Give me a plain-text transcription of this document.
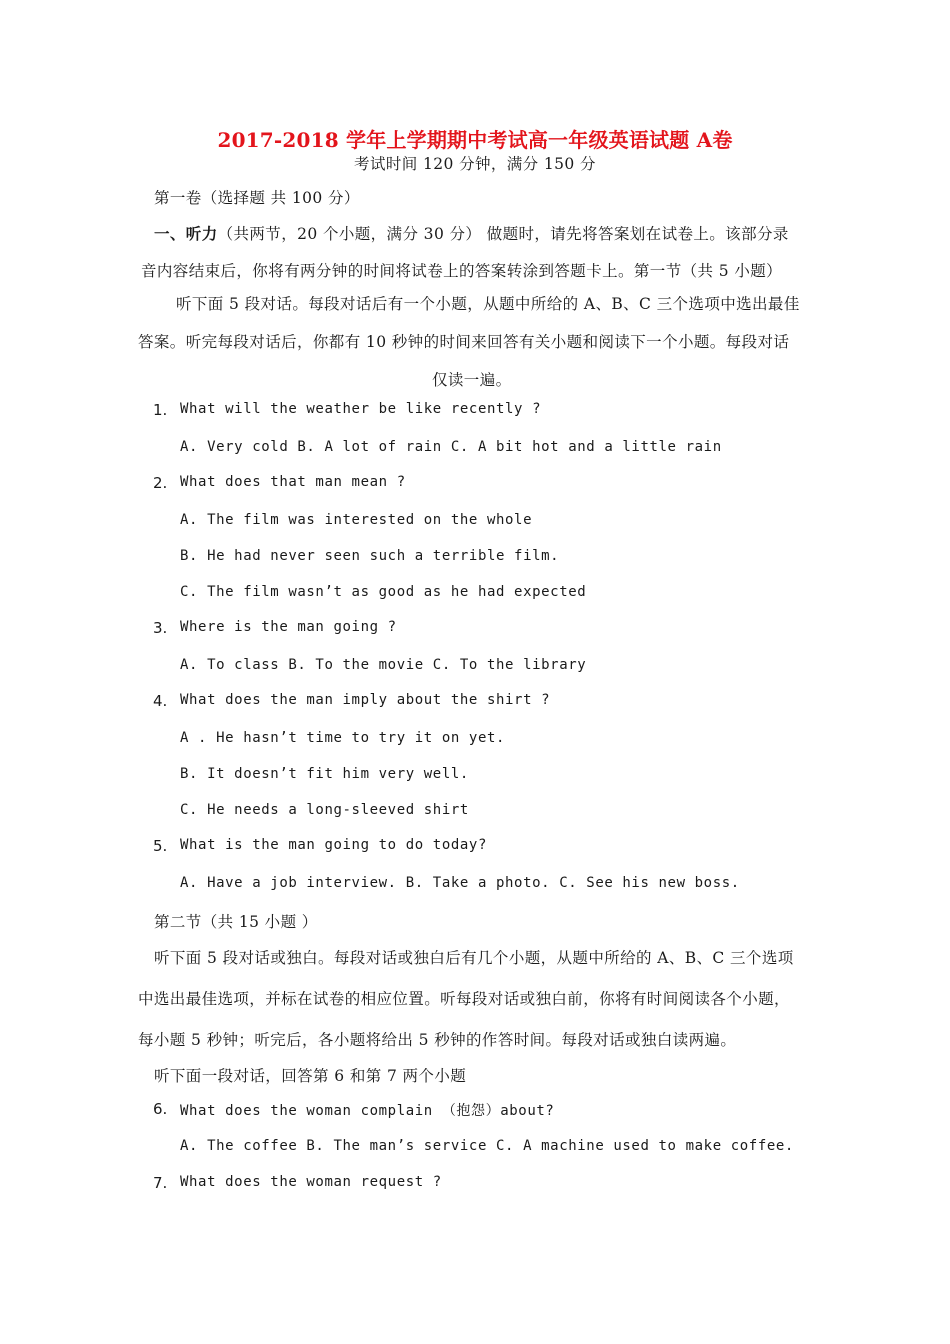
2017-2018 学年上学期期中考试高一年级英语试题 A卷
考试时间 120 分钟，满分 150 分
第一卷（选择题 共 100 分）
一、听力（共两节，20 个小题，满分 30 分） 做题时，请先将答案划在试卷上。该部分录
音内容结束后，你将有两分钟的时间将试卷上的答案转涂到答题卡上。第一节（共 5 小题）
听下面 5 段对话。每段对话后有一个小题，从题中所给的 A、B、C 三个选项中选出最佳
答案。听完每段对话后，你都有 10 秒钟的时间来回答有关小题和阅读下一个小题。每段对话
仅读一遍。
1. What will the weather be like recently ?
A. Very cold B. A lot of rain C. A bit hot and a little rain
2. What does that man mean ?
A. The film was interested on the whole
B. He had never seen such a terrible film.
C. The film wasn’t as good as he had expected
3. Where is the man going ?
A. To class B. To the movie C. To the library
4. What does the man imply about the shirt ?
A . He hasn’t time to try it on yet.
B. It doesn’t fit him very well.
C. He needs a long-sleeved shirt
5. What is the man going to do today?
A. Have a job interview. B. Take a photo. C. See his new boss.
第二节（共 15 小题 ）
听下面 5 段对话或独白。每段对话或独白后有几个小题，从题中所给的 A、B、C 三个选项
中选出最佳选项，并标在试卷的相应位置。听每段对话或独白前，你将有时间阅读各个小题，
每小题 5 秒钟；听完后，各小题将给出 5 秒钟的作答时间。每段对话或独白读两遍。
听下面一段对话，回答第 6 和第 7 两个小题
6. What does the woman complain （抱怨）about?
A. The coffee B. The man’s service C. A machine used to make coffee.
7. What does the woman request ?
